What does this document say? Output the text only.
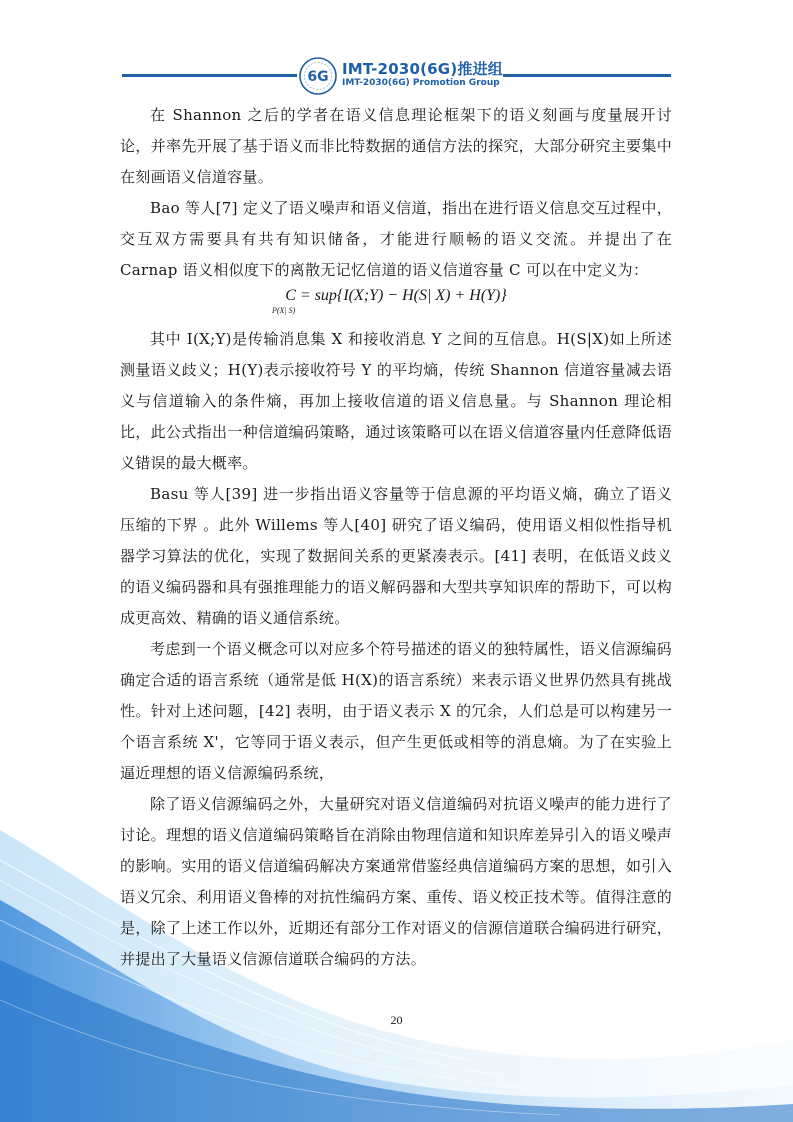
6G IMT-2030(6G)推进组
IMT-2030(6G) Promotion Group

在 Shannon 之后的学者在语义信息理论框架下的语义刻画与度量展开讨论，并率先开展了基于语义而非比特数据的通信方法的探究，大部分研究主要集中在刻画语义信道容量。

Bao 等人[7] 定义了语义噪声和语义信道，指出在进行语义信息交互过程中，交互双方需要具有共有知识储备，才能进行顺畅的语义交流。并提出了在 Carnap 语义相似度下的离散无记忆信道的语义信道容量 C 可以在中定义为：

C = sup{I(X;Y) − H(S| X) + H(Y)}
P(X| S)

其中 I(X;Y)是传输消息集 X 和接收消息 Y 之间的互信息。H(S|X)如上所述测量语义歧义；H(Y)表示接收符号 Y 的平均熵，传统 Shannon 信道容量减去语义与信道输入的条件熵，再加上接收信道的语义信息量。与 Shannon 理论相比，此公式指出一种信道编码策略，通过该策略可以在语义信道容量内任意降低语义错误的最大概率。

Basu 等人[39] 进一步指出语义容量等于信息源的平均语义熵，确立了语义压缩的下界 。此外 Willems 等人[40] 研究了语义编码，使用语义相似性指导机器学习算法的优化，实现了数据间关系的更紧凑表示。[41] 表明，在低语义歧义的语义编码器和具有强推理能力的语义解码器和大型共享知识库的帮助下，可以构成更高效、精确的语义通信系统。

考虑到一个语义概念可以对应多个符号描述的语义的独特属性，语义信源编码确定合适的语言系统（通常是低 H(X)的语言系统）来表示语义世界仍然具有挑战性。针对上述问题，[42] 表明，由于语义表示 X 的冗余，人们总是可以构建另一个语言系统 X'，它等同于语义表示，但产生更低或相等的消息熵。为了在实验上逼近理想的语义信源编码系统，

除了语义信源编码之外，大量研究对语义信道编码对抗语义噪声的能力进行了讨论。理想的语义信道编码策略旨在消除由物理信道和知识库差异引入的语义噪声的影响。实用的语义信道编码解决方案通常借鉴经典信道编码方案的思想，如引入语义冗余、利用语义鲁棒的对抗性编码方案、重传、语义校正技术等。值得注意的是，除了上述工作以外，近期还有部分工作对语义的信源信道联合编码进行研究，并提出了大量语义信源信道联合编码的方法。

20
